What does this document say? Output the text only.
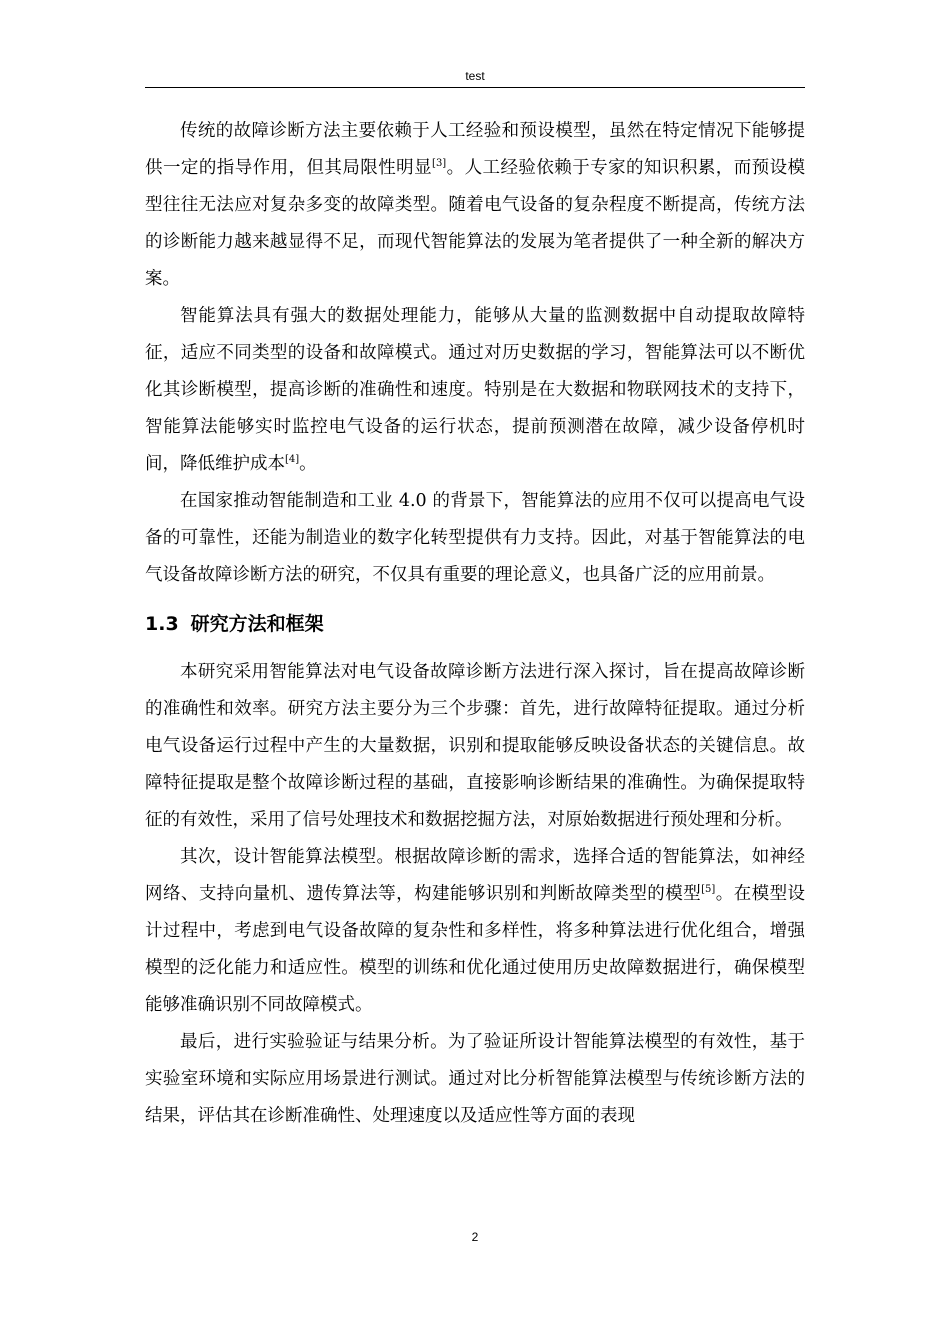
test

传统的故障诊断方法主要依赖于人工经验和预设模型，虽然在特定情况下能够提供一定的指导作用，但其局限性明显[3]。人工经验依赖于专家的知识积累，而预设模型往往无法应对复杂多变的故障类型。随着电气设备的复杂程度不断提高，传统方法的诊断能力越来越显得不足，而现代智能算法的发展为笔者提供了一种全新的解决方案。

智能算法具有强大的数据处理能力，能够从大量的监测数据中自动提取故障特征，适应不同类型的设备和故障模式。通过对历史数据的学习，智能算法可以不断优化其诊断模型，提高诊断的准确性和速度。特别是在大数据和物联网技术的支持下，智能算法能够实时监控电气设备的运行状态，提前预测潜在故障，减少设备停机时间，降低维护成本[4]。

在国家推动智能制造和工业 4.0 的背景下，智能算法的应用不仅可以提高电气设备的可靠性，还能为制造业的数字化转型提供有力支持。因此，对基于智能算法的电气设备故障诊断方法的研究，不仅具有重要的理论意义，也具备广泛的应用前景。

1.3 研究方法和框架

本研究采用智能算法对电气设备故障诊断方法进行深入探讨，旨在提高故障诊断的准确性和效率。研究方法主要分为三个步骤：首先，进行故障特征提取。通过分析电气设备运行过程中产生的大量数据，识别和提取能够反映设备状态的关键信息。故障特征提取是整个故障诊断过程的基础，直接影响诊断结果的准确性。为确保提取特征的有效性，采用了信号处理技术和数据挖掘方法，对原始数据进行预处理和分析。

其次，设计智能算法模型。根据故障诊断的需求，选择合适的智能算法，如神经网络、支持向量机、遗传算法等，构建能够识别和判断故障类型的模型[5]。在模型设计过程中，考虑到电气设备故障的复杂性和多样性，将多种算法进行优化组合，增强模型的泛化能力和适应性。模型的训练和优化通过使用历史故障数据进行，确保模型能够准确识别不同故障模式。

最后，进行实验验证与结果分析。为了验证所设计智能算法模型的有效性，基于实验室环境和实际应用场景进行测试。通过对比分析智能算法模型与传统诊断方法的结果，评估其在诊断准确性、处理速度以及适应性等方面的表现

2
